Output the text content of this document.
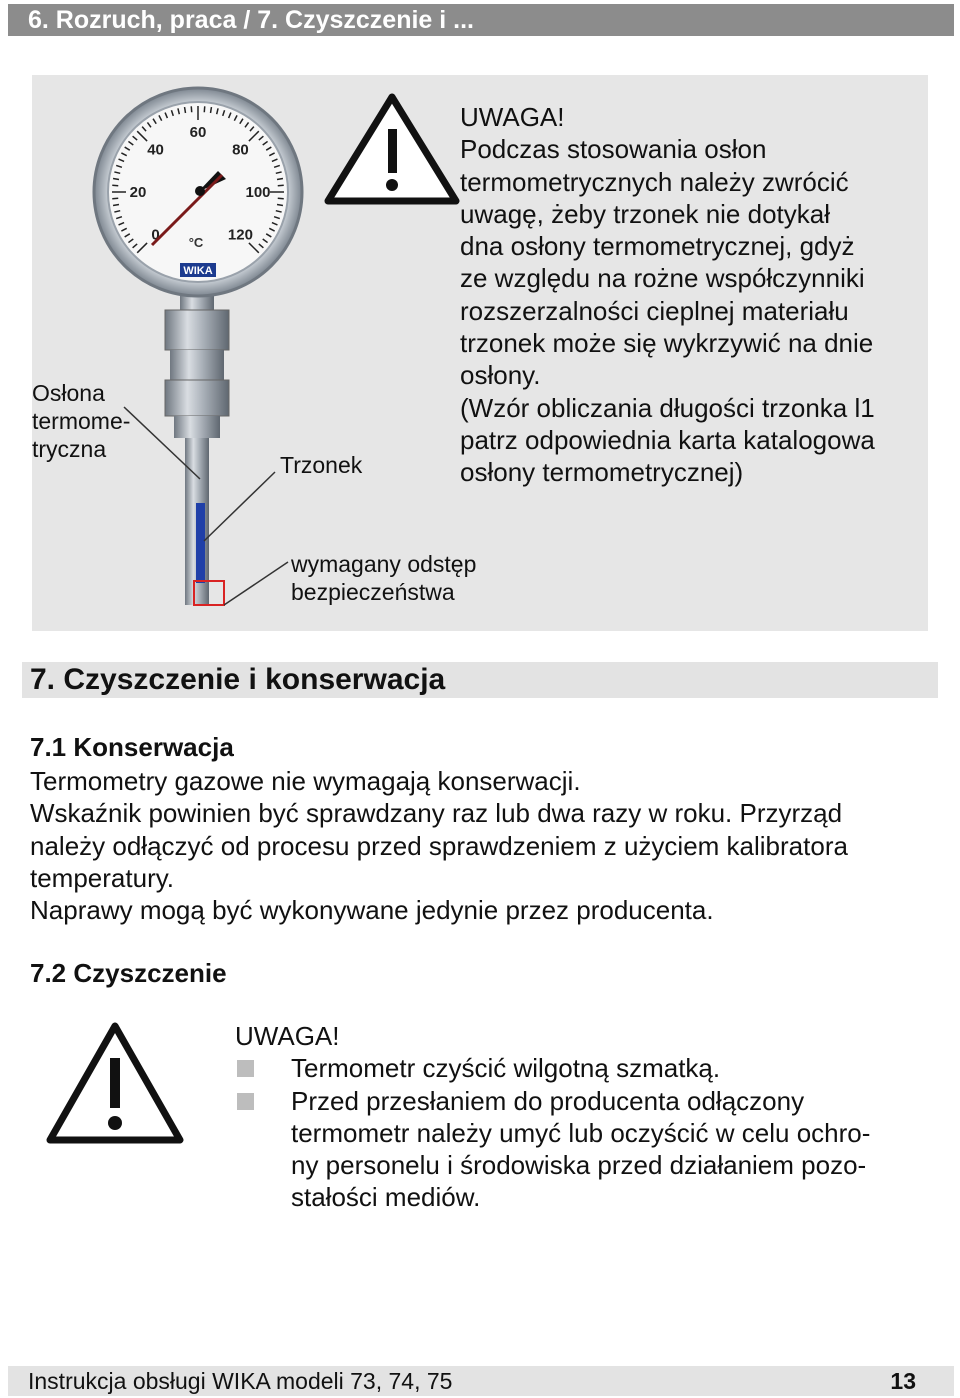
6. Rozruch, praca / 7. Czyszczenie i ...
0
20
40
60
80
100
120
WIKA
°C
Osłona
termome-
tryczna
Trzonek
wymagany odstęp
bezpieczeństwa
UWAGA!
Podczas stosowania osłon
termometrycznych należy zwrócić
uwagę, żeby trzonek nie dotykał
dna osłony termometrycznej, gdyż
ze względu na rożne współczynniki
rozszerzalności cieplnej materiału
trzonek może się wykrzywić na dnie
osłony.
(Wzór obliczania długości trzonka l1
patrz odpowiednia karta katalogowa
osłony termometrycznej)
7. Czyszczenie i konserwacja
7.1 Konserwacja
Termometry gazowe nie wymagają konserwacji.
Wskaźnik powinien być sprawdzany raz lub dwa razy w roku. Przyrząd
należy odłączyć od procesu przed sprawdzeniem z użyciem kalibratora
temperatury.
Naprawy mogą być wykonywane jedynie przez producenta.
7.2 Czyszczenie
UWAGA!
Termometr czyścić wilgotną szmatką.
Przed przesłaniem do producenta odłączony
termometr należy umyć lub oczyścić w celu ochro-
ny personelu i środowiska przed działaniem pozo-
stałości mediów.
Instrukcja obsługi WIKA modeli 73, 74, 75	13
